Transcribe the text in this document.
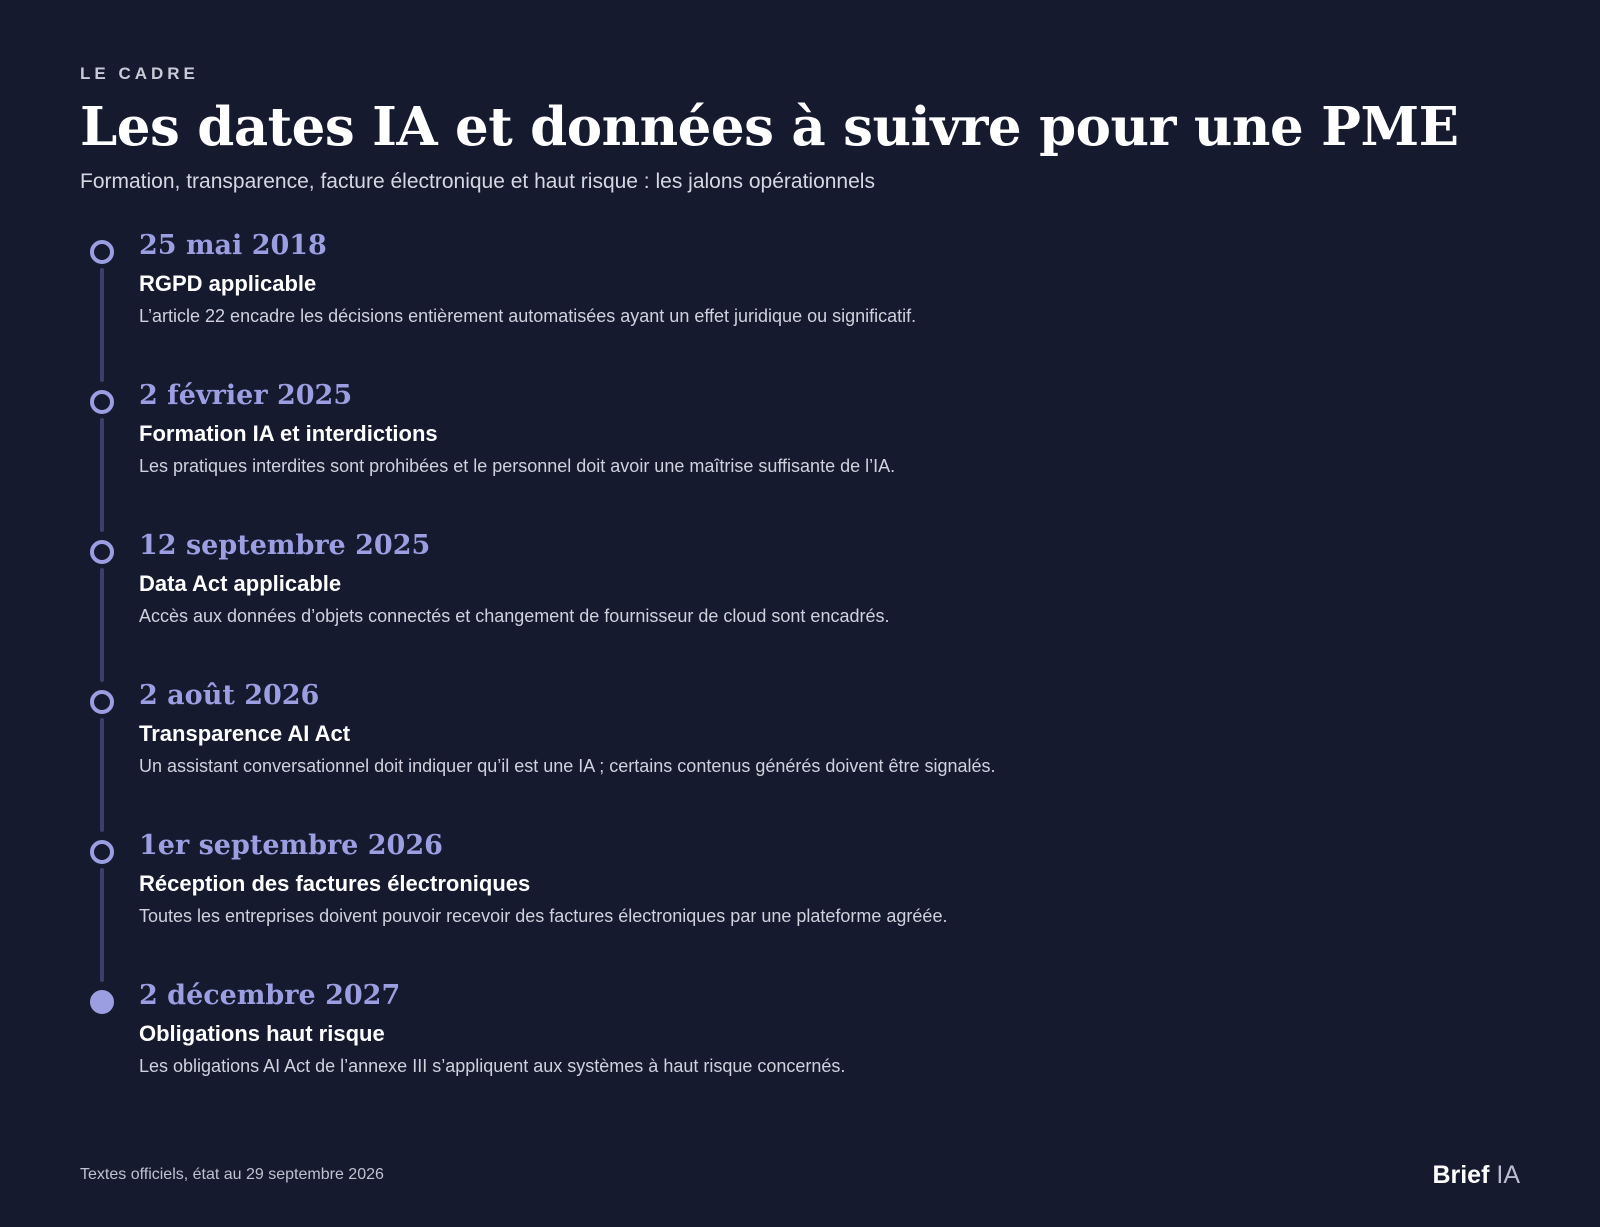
LE CADRE
Les dates IA et données à suivre pour une PME
Formation, transparence, facture électronique et haut risque : les jalons opérationnels
25 mai 2018
RGPD applicable
L’article 22 encadre les décisions entièrement automatisées ayant un effet juridique ou significatif.
2 février 2025
Formation IA et interdictions
Les pratiques interdites sont prohibées et le personnel doit avoir une maîtrise suffisante de l’IA.
12 septembre 2025
Data Act applicable
Accès aux données d’objets connectés et changement de fournisseur de cloud sont encadrés.
2 août 2026
Transparence AI Act
Un assistant conversationnel doit indiquer qu’il est une IA ; certains contenus générés doivent être signalés.
1er septembre 2026
Réception des factures électroniques
Toutes les entreprises doivent pouvoir recevoir des factures électroniques par une plateforme agréée.
2 décembre 2027
Obligations haut risque
Les obligations AI Act de l’annexe III s’appliquent aux systèmes à haut risque concernés.
Textes officiels, état au 29 septembre 2026	Brief IA
